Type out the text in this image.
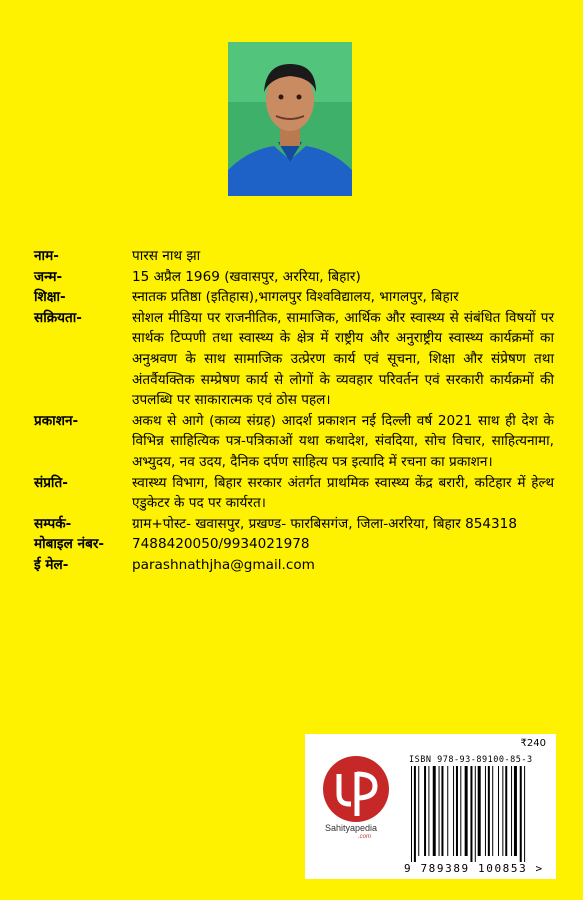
नाम-	पारस नाथ झा
जन्म-	15 अप्रैल 1969 (खवासपुर, अररिया, बिहार)
शिक्षा-	स्नातक प्रतिष्ठा (इतिहास),भागलपुर विश्वविद्यालय, भागलपुर, बिहार
सक्रियता-	सोशल मीडिया पर राजनीतिक, सामाजिक, आर्थिक और स्वास्थ्य से संबंधित विषयों पर सार्थक टिप्पणी तथा स्वास्थ्य के क्षेत्र में राष्ट्रीय और अनुराष्ट्रीय स्वास्थ्य कार्यक्रमों का अनुश्रवण के साथ सामाजिक उत्प्रेरण कार्य एवं सूचना, शिक्षा और संप्रेषण तथा अंतर्वैयक्तिक सम्प्रेषण कार्य से लोगों के व्यवहार परिवर्तन एवं सरकारी कार्यक्रमों की उपलब्धि पर साकारात्मक एवं ठोस पहल।
प्रकाशन-	अकथ से आगे (काव्य संग्रह) आदर्श प्रकाशन नई दिल्ली वर्ष 2021 साथ ही देश के विभिन्न साहित्यिक पत्र-पत्रिकाओं यथा कथादेश, संवदिया, सोच विचार, साहित्यनामा, अभ्युदय, नव उदय, दैनिक दर्पण साहित्य पत्र इत्यादि में रचना का प्रकाशन।
संप्रति-	स्वास्थ्य विभाग, बिहार सरकार अंतर्गत प्राथमिक स्वास्थ्य केंद्र बरारी, कटिहार में हेल्थ एडुकेटर के पद पर कार्यरत।
सम्पर्क-	ग्राम+पोस्ट- खवासपुर, प्रखण्ड- फारबिसगंज, जिला-अररिया, बिहार 854318
मोबाइल नंबर-	7488420050/9934021978
ई मेल-	parashnathjha@gmail.com
₹240
Sahityapedia
.com
ISBN 978-93-89100-85-3
9 789389 100853 >
